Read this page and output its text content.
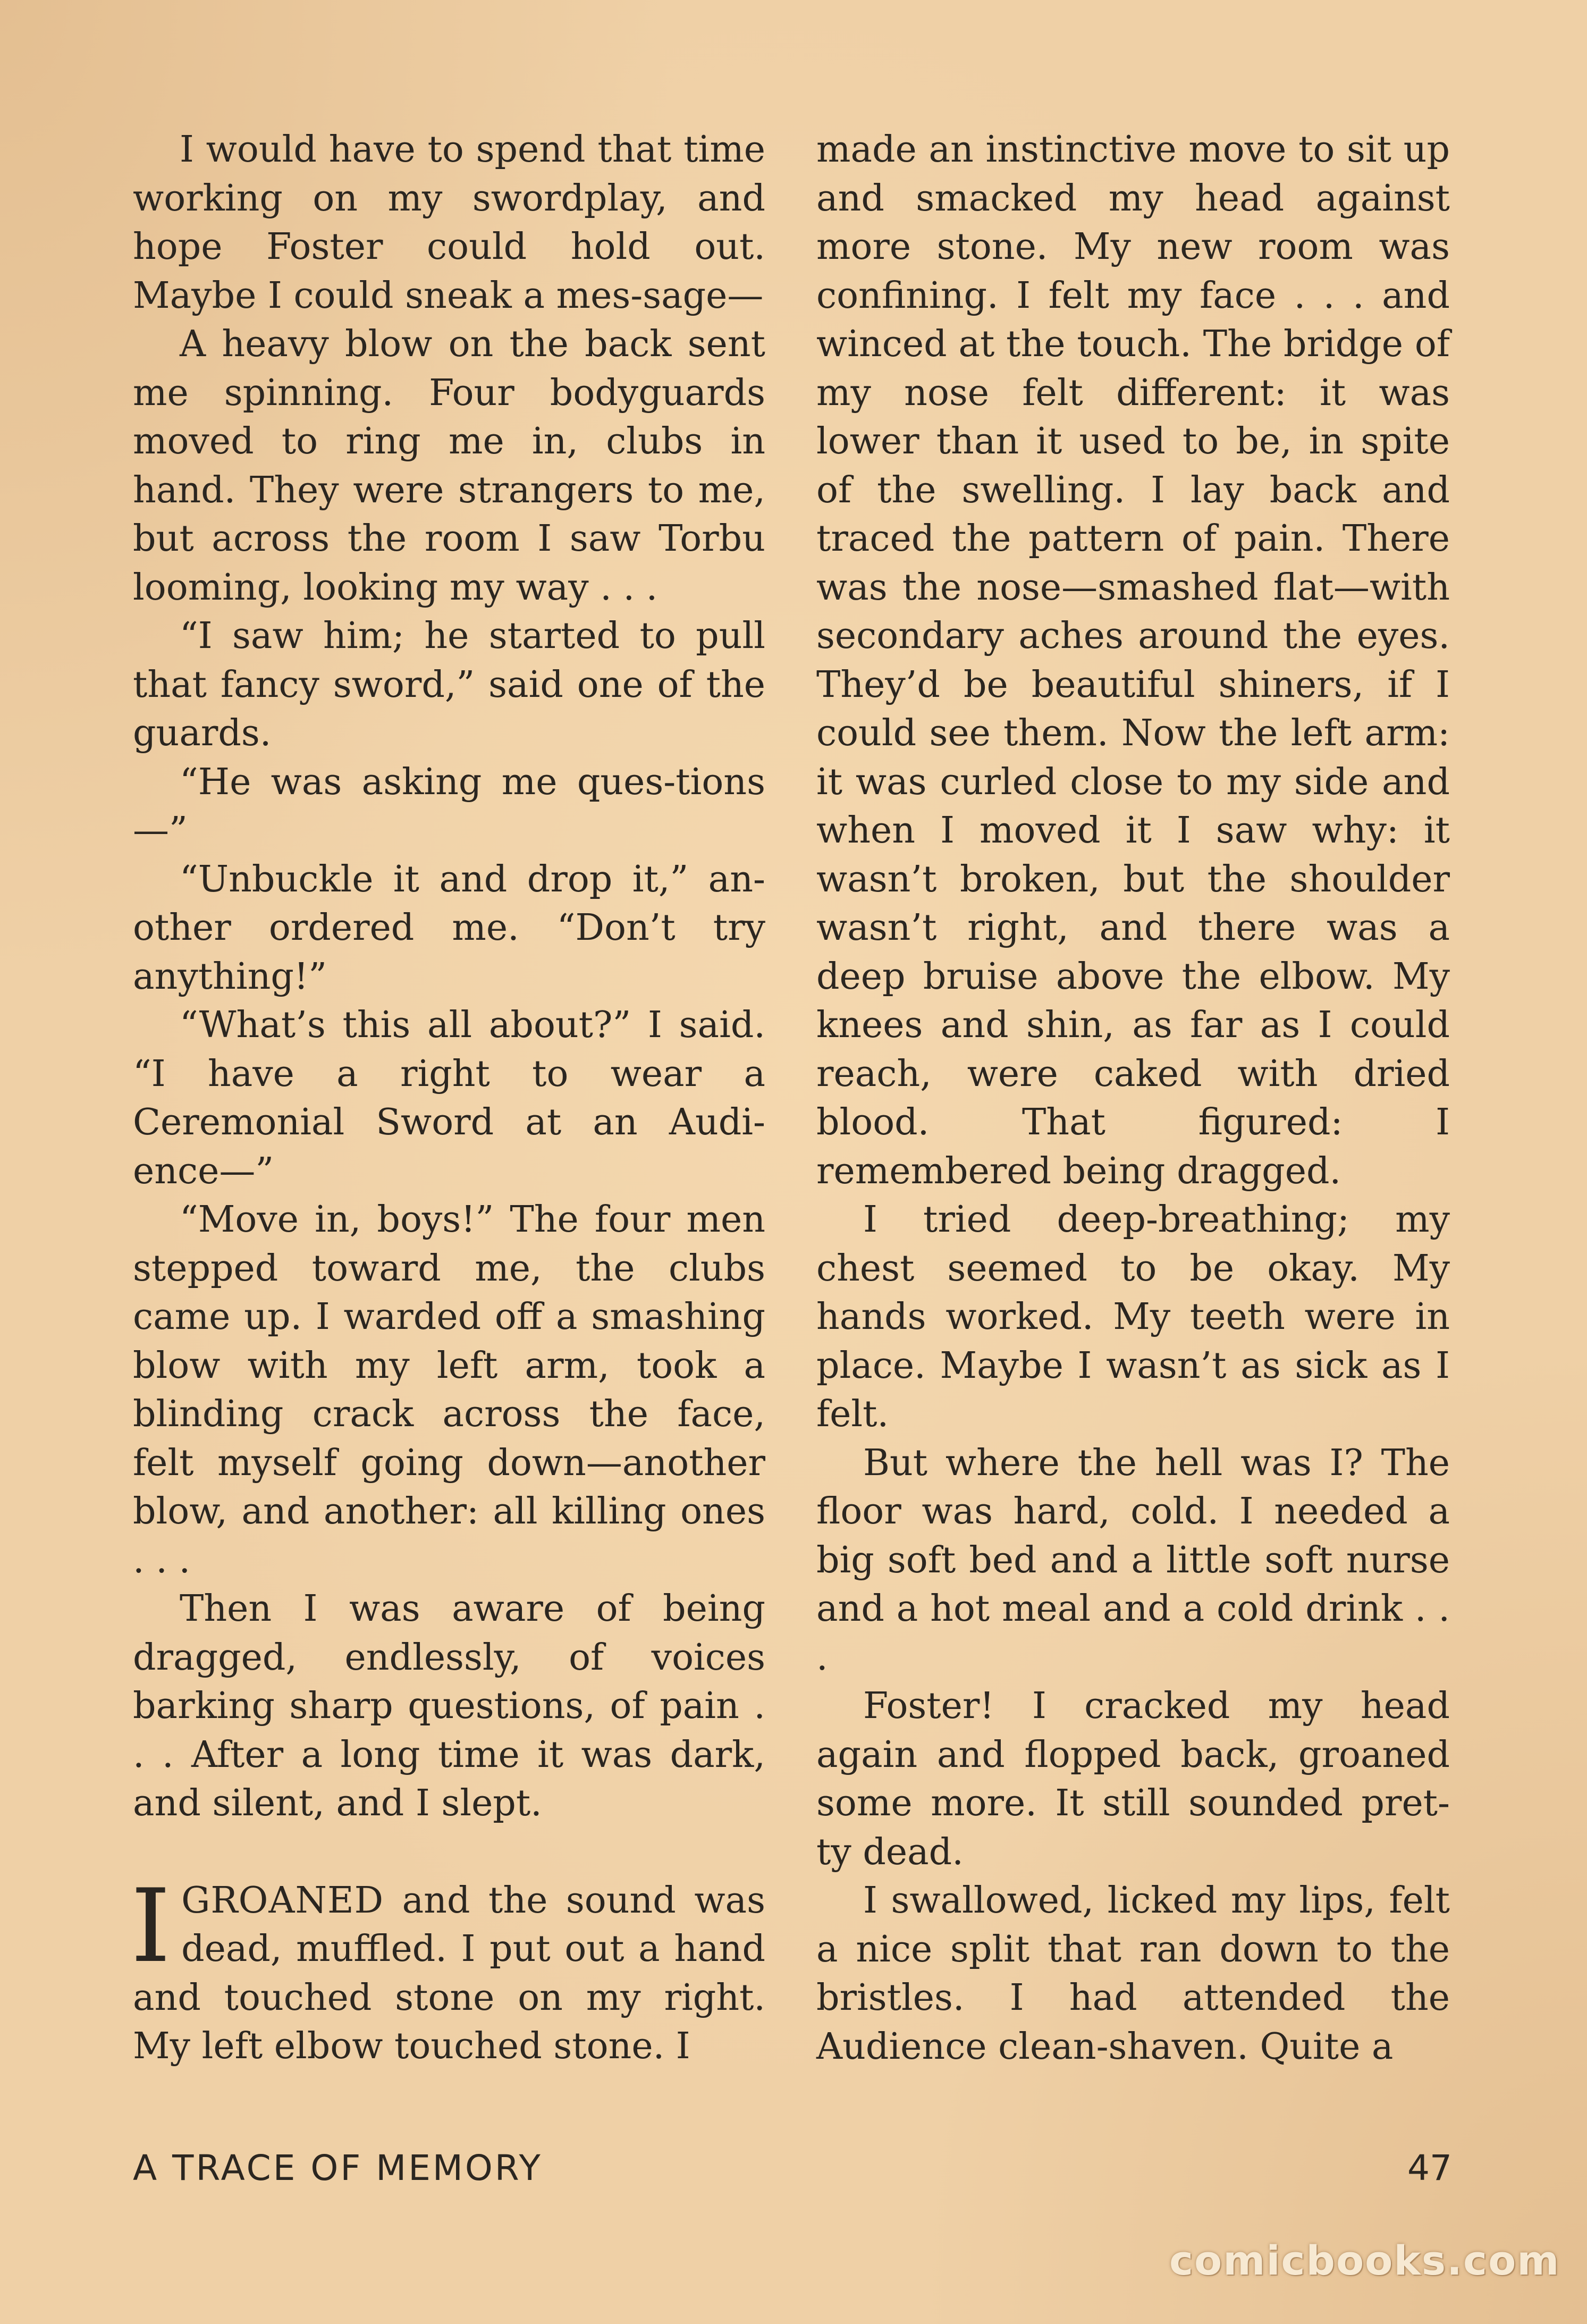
I would have to spend that time working on my swordplay, and hope Foster could hold out. Maybe I could sneak a mes-sage—

A heavy blow on the back sent me spinning. Four bodyguards moved to ring me in, clubs in hand. They were strangers to me, but across the room I saw Torbu looming, looking my way . . .

“I saw him; he started to pull that fancy sword,” said one of the guards.

“He was asking me ques-tions—”

“Unbuckle it and drop it,” an-other ordered me. “Don’t try anything!”

“What’s this all about?” I said. “I have a right to wear a Ceremonial Sword at an Audi-ence—”

“Move in, boys!” The four men stepped toward me, the clubs came up. I warded off a smashing blow with my left arm, took a blinding crack across the face, felt myself going down—another blow, and another: all killing ones . . .

Then I was aware of being dragged, endlessly, of voices barking sharp questions, of pain . . . After a long time it was dark, and silent, and I slept.

IGROANED and the sound was dead, muffled. I put out a hand and touched stone on my right. My left elbow touched stone. I

made an instinctive move to sit up and smacked my head against more stone. My new room was confining. I felt my face . . . and winced at the touch. The bridge of my nose felt different: it was lower than it used to be, in spite of the swelling. I lay back and traced the pattern of pain. There was the nose—smashed flat—with secondary aches around the eyes. They’d be beautiful shiners, if I could see them. Now the left arm: it was curled close to my side and when I moved it I saw why: it wasn’t broken, but the shoulder wasn’t right, and there was a deep bruise above the elbow. My knees and shin, as far as I could reach, were caked with dried blood. That figured: I remembered being dragged.

I tried deep-breathing; my chest seemed to be okay. My hands worked. My teeth were in place. Maybe I wasn’t as sick as I felt.

But where the hell was I? The floor was hard, cold. I needed a big soft bed and a little soft nurse and a hot meal and a cold drink . . .

Foster! I cracked my head again and flopped back, groaned some more. It still sounded pret-ty dead.

I swallowed, licked my lips, felt a nice split that ran down to the bristles. I had attended the Audience clean-shaven. Quite a

A TRACE OF MEMORY	47
comicbooks.com
